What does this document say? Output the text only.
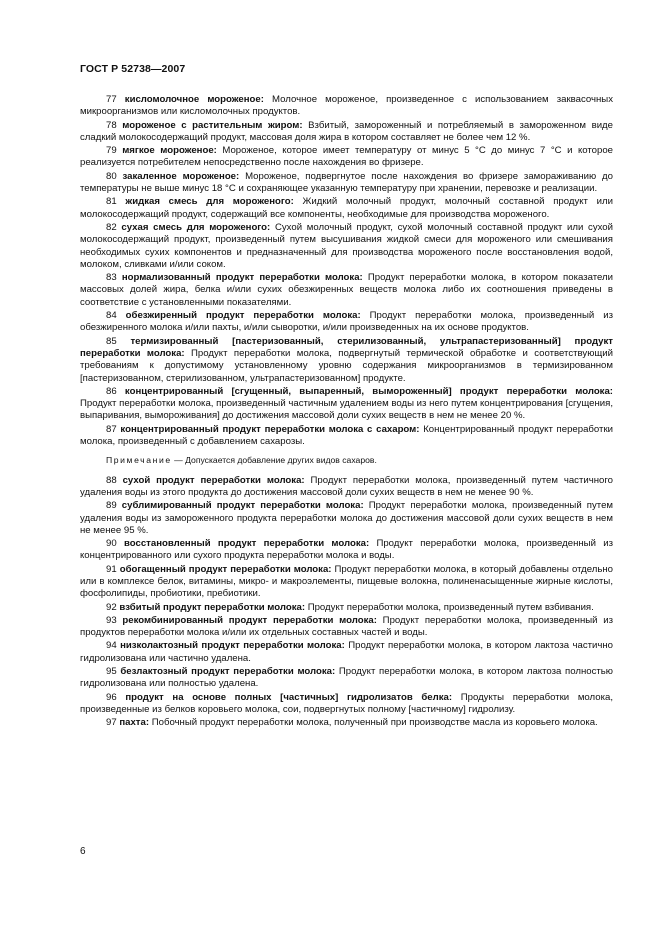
ГОСТ Р 52738—2007

77 кисломолочное мороженое: Молочное мороженое, произведенное с использованием заквасочных микроорганизмов или кисломолочных продуктов.

78 мороженое с растительным жиром: Взбитый, замороженный и потребляемый в замороженном виде сладкий молокосодержащий продукт, массовая доля жира в котором составляет не более чем 12 %.

79 мягкое мороженое: Мороженое, которое имеет температуру от минус 5 °С до минус 7 °С и которое реализуется потребителем непосредственно после нахождения во фризере.

80 закаленное мороженое: Мороженое, подвергнутое после нахождения во фризере замораживанию до температуры не выше минус 18 °С и сохраняющее указанную температуру при хранении, перевозке и реализации.

81 жидкая смесь для мороженого: Жидкий молочный продукт, молочный составной продукт или молокосодержащий продукт, содержащий все компоненты, необходимые для производства мороженого.

82 сухая смесь для мороженого: Сухой молочный продукт, сухой молочный составной продукт или сухой молокосодержащий продукт, произведенный путем высушивания жидкой смеси для мороженого или смешивания необходимых сухих компонентов и предназначенный для производства мороженого после восстановления водой, молоком, сливками и/или соком.

83 нормализованный продукт переработки молока: Продукт переработки молока, в котором показатели массовых долей жира, белка и/или сухих обезжиренных веществ молока либо их соотношения приведены в соответствие с установленными показателями.

84 обезжиренный продукт переработки молока: Продукт переработки молока, произведенный из обезжиренного молока и/или пахты, и/или сыворотки, и/или произведенных на их основе продуктов.

85 термизированный [пастеризованный, стерилизованный, ультрапастеризованный] продукт переработки молока: Продукт переработки молока, подвергнутый термической обработке и соответствующий требованиям к допустимому установленному уровню содержания микроорганизмов в термизированном [пастеризованном, стерилизованном, ультрапастеризованном] продукте.

86 концентрированный [сгущенный, выпаренный, вымороженный] продукт переработки молока: Продукт переработки молока, произведенный частичным удалением воды из него путем концентрирования [сгущения, выпаривания, вымороживания] до достижения массовой доли сухих веществ в нем не менее 20 %.

87 концентрированный продукт переработки молока с сахаром: Концентрированный продукт переработки молока, произведенный с добавлением сахарозы.

Примечание — Допускается добавление других видов сахаров.

88 сухой продукт переработки молока: Продукт переработки молока, произведенный путем частичного удаления воды из этого продукта до достижения массовой доли сухих веществ в нем не менее 90 %.

89 сублимированный продукт переработки молока: Продукт переработки молока, произведенный путем удаления воды из замороженного продукта переработки молока до достижения массовой доли сухих веществ в нем не менее 95 %.

90 восстановленный продукт переработки молока: Продукт переработки молока, произведенный из концентрированного или сухого продукта переработки молока и воды.

91 обогащенный продукт переработки молока: Продукт переработки молока, в который добавлены отдельно или в комплексе белок, витамины, микро- и макроэлементы, пищевые волокна, полиненасыщенные жирные кислоты, фосфолипиды, пробиотики, пребиотики.

92 взбитый продукт переработки молока: Продукт переработки молока, произведенный путем взбивания.

93 рекомбинированный продукт переработки молока: Продукт переработки молока, произведенный из продуктов переработки молока и/или их отдельных составных частей и воды.

94 низколактозный продукт переработки молока: Продукт переработки молока, в котором лактоза частично гидролизована или частично удалена.

95 безлактозный продукт переработки молока: Продукт переработки молока, в котором лактоза полностью гидролизована или полностью удалена.

96 продукт на основе полных [частичных] гидролизатов белка: Продукты переработки молока, произведенные из белков коровьего молока, сои, подвергнутых полному [частичному] гидролизу.

97 пахта: Побочный продукт переработки молока, полученный при производстве масла из коровьего молока.

6
